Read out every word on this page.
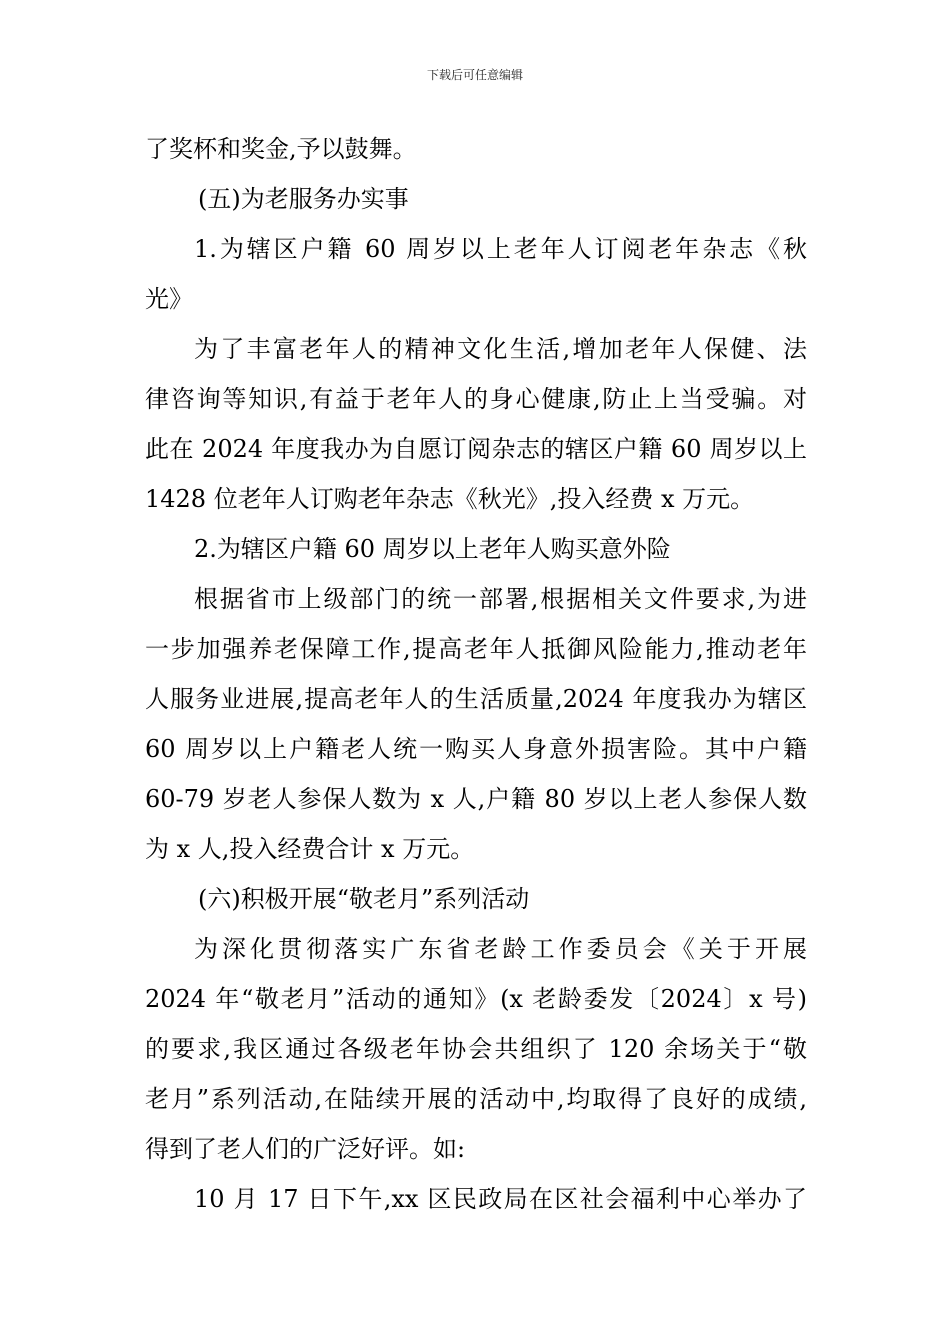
下载后可任意编辑
了奖杯和奖金,予以鼓舞。
(五)为老服务办实事
1.为辖区户籍 60 周岁以上老年人订阅老年杂志《秋
光》
为了丰富老年人的精神文化生活,增加老年人保健、法
律咨询等知识,有益于老年人的身心健康,防止上当受骗。对
此在 2024 年度我办为自愿订阅杂志的辖区户籍 60 周岁以上
1428 位老年人订购老年杂志《秋光》,投入经费 x 万元。
2.为辖区户籍 60 周岁以上老年人购买意外险
根据省市上级部门的统一部署,根据相关文件要求,为进
一步加强养老保障工作,提高老年人抵御风险能力,推动老年
人服务业进展,提高老年人的生活质量,2024 年度我办为辖区
60 周岁以上户籍老人统一购买人身意外损害险。其中户籍
60-79 岁老人参保人数为 x 人,户籍 80 岁以上老人参保人数
为 x 人,投入经费合计 x 万元。
(六)积极开展“敬老月”系列活动
为深化贯彻落实广东省老龄工作委员会《关于开展
2024 年“敬老月”活动的通知》(x 老龄委发〔2024〕x 号)
的要求,我区通过各级老年协会共组织了 120 余场关于“敬
老月”系列活动,在陆续开展的活动中,均取得了良好的成绩,
得到了老人们的广泛好评。如:
10 月 17 日下午,xx 区民政局在区社会福利中心举办了
